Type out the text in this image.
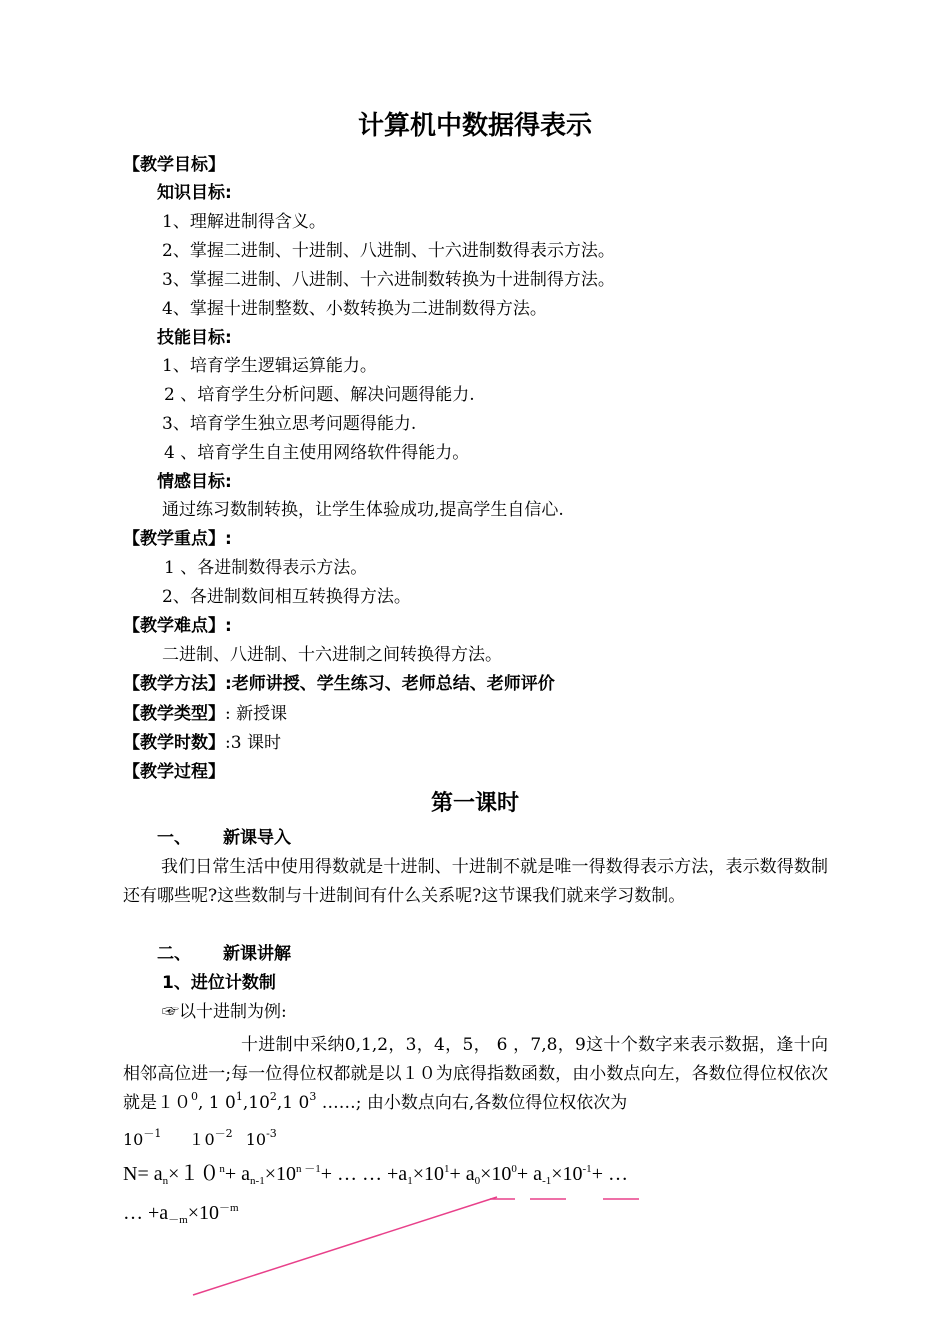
计算机中数据得表示
【教学目标】
知识目标:
1、理解进制得含义。
2、掌握二进制、十进制、八进制、十六进制数得表示方法。
3、掌握二进制、八进制、十六进制数转换为十进制得方法。
4、掌握十进制整数、小数转换为二进制数得方法。
技能目标:
1、培育学生逻辑运算能力。
2 、培育学生分析问题、解决问题得能力.
3、培育学生独立思考问题得能力.
4 、培育学生自主使用网络软件得能力。
情感目标:
通过练习数制转换，让学生体验成功,提高学生自信心.
【教学重点】:
1 、各进制数得表示方法。
2、各进制数间相互转换得方法。
【教学难点】:
二进制、八进制、十六进制之间转换得方法。
【教学方法】:老师讲授、学生练习、老师总结、老师评价
【教学类型】: 新授课
【教学时数】:3 课时
【教学过程】
第一课时
一、 新课导入
我们日常生活中使用得数就是十进制、十进制不就是唯一得数得表示方法，表示数得数制还有哪些呢?这些数制与十进制间有什么关系呢?这节课我们就来学习数制。
二、 新课讲解
1、进位计数制
☞以十进制为例:
十进制中采纳0,1,2，3，4，5， 6 ，7,8，9这十个数字来表示数据，逢十向相邻高位进一;每一位得位权都就是以１０为底得指数函数，由小数点向左，各数位得位权依次就是$10^0$, 1 $0^1,10^2,1$ $0^3$ ……; 由小数点向右,各数位得位权依次为
$10^{-1}$ $10^{-2}$ $10^{-3}$
$N= a_n\times 10^n+ a_{n-1}\times 10^{n -1}+$ … … $+a_1\times 10^1+ a_0\times 10^0+ a_{-1}\times 10^{-1}+$ …
… $+a_{-m}\times 10^{-m}$
